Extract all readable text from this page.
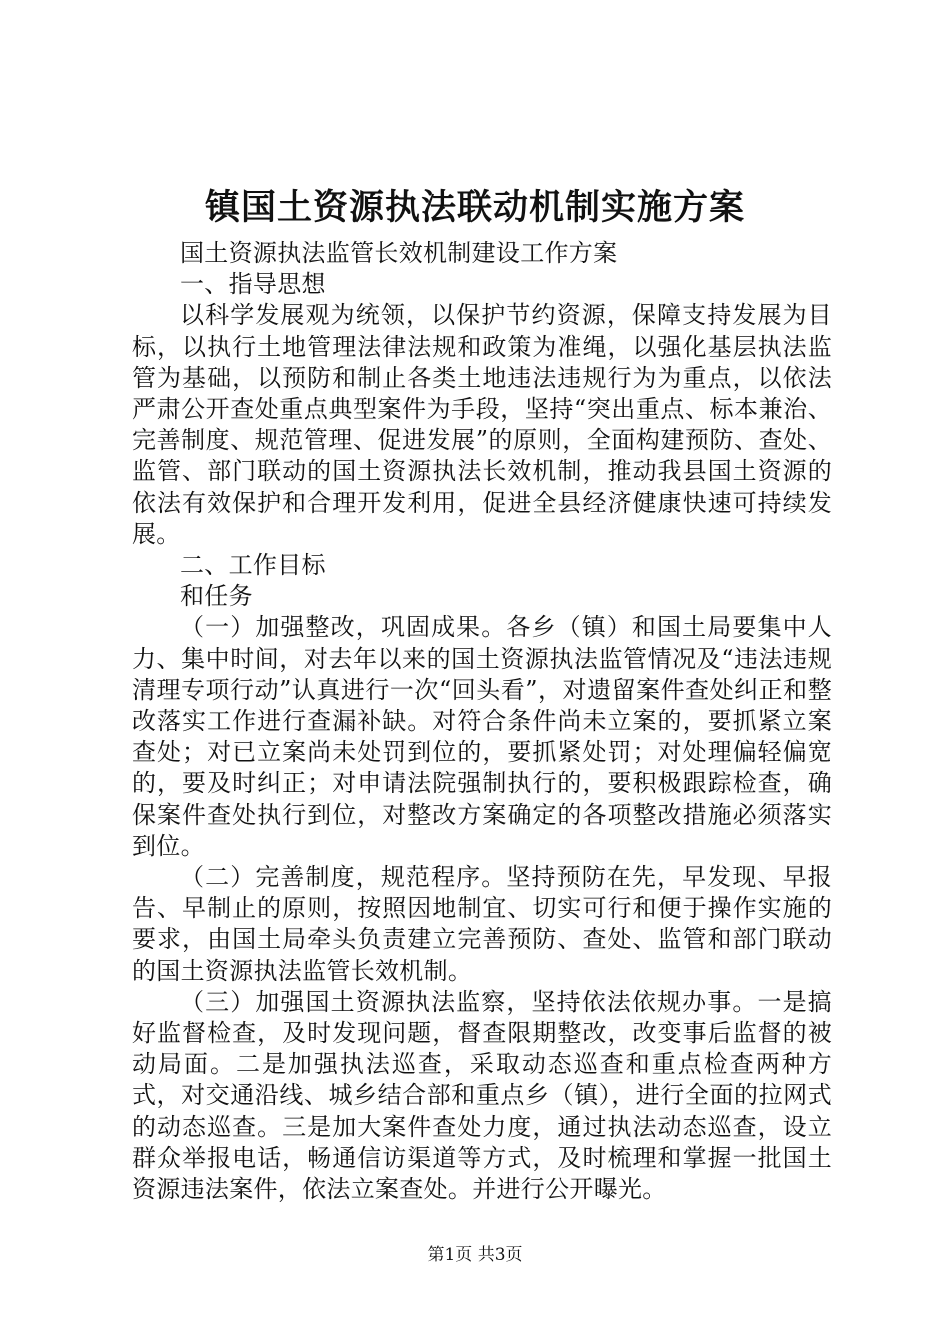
镇国土资源执法联动机制实施方案

国土资源执法监管长效机制建设工作方案

一、指导思想

以科学发展观为统领，以保护节约资源，保障支持发展为目标，以执行土地管理法律法规和政策为准绳，以强化基层执法监管为基础，以预防和制止各类土地违法违规行为为重点，以依法严肃公开查处重点典型案件为手段，坚持“突出重点、标本兼治、完善制度、规范管理、促进发展”的原则，全面构建预防、查处、监管、部门联动的国土资源执法长效机制，推动我县国土资源的依法有效保护和合理开发利用，促进全县经济健康快速可持续发展。

二、工作目标

和任务

（一）加强整改，巩固成果。各乡（镇）和国土局要集中人力、集中时间，对去年以来的国土资源执法监管情况及“违法违规清理专项行动”认真进行一次“回头看”，对遗留案件查处纠正和整改落实工作进行查漏补缺。对符合条件尚未立案的，要抓紧立案查处；对已立案尚未处罚到位的，要抓紧处罚；对处理偏轻偏宽的，要及时纠正；对申请法院强制执行的，要积极跟踪检查，确保案件查处执行到位，对整改方案确定的各项整改措施必须落实到位。

（二）完善制度，规范程序。坚持预防在先，早发现、早报告、早制止的原则，按照因地制宜、切实可行和便于操作实施的要求，由国土局牵头负责建立完善预防、查处、监管和部门联动的国土资源执法监管长效机制。

（三）加强国土资源执法监察，坚持依法依规办事。一是搞好监督检查，及时发现问题，督查限期整改，改变事后监督的被动局面。二是加强执法巡查，采取动态巡查和重点检查两种方式，对交通沿线、城乡结合部和重点乡（镇），进行全面的拉网式的动态巡查。三是加大案件查处力度，通过执法动态巡查，设立群众举报电话，畅通信访渠道等方式，及时梳理和掌握一批国土资源违法案件，依法立案查处。并进行公开曝光。

第1页 共3页
